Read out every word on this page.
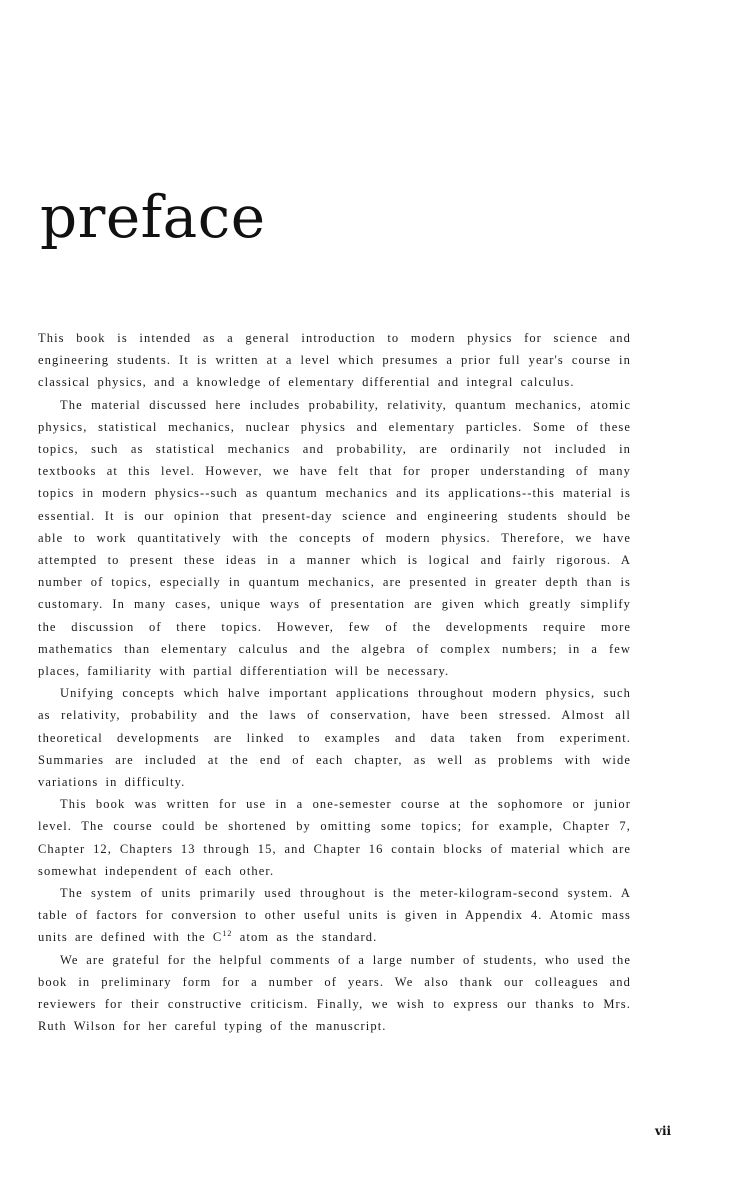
preface

This book is intended as a general introduction to modern physics for science and engineering students. It is written at a level which presumes a prior full year's course in classical physics, and a knowledge of elementary differential and integral calculus.

The material discussed here includes probability, relativity, quantum mechanics, atomic physics, statistical mechanics, nuclear physics and elementary particles. Some of these topics, such as statistical mechanics and probability, are ordinarily not included in textbooks at this level. However, we have felt that for proper understanding of many topics in modern physics--such as quantum mechanics and its applications--this material is essential. It is our opinion that present-day science and engineering students should be able to work quantitatively with the concepts of modern physics. Therefore, we have attempted to present these ideas in a manner which is logical and fairly rigorous. A number of topics, especially in quantum mechanics, are presented in greater depth than is customary. In many cases, unique ways of presentation are given which greatly simplify the discussion of there topics. However, few of the developments require more mathematics than elementary calculus and the algebra of complex numbers; in a few places, familiarity with partial differentiation will be necessary.

Unifying concepts which halve important applications throughout modern physics, such as relativity, probability and the laws of conservation, have been stressed. Almost all theoretical developments are linked to examples and data taken from experiment. Summaries are included at the end of each chapter, as well as problems with wide variations in difficulty.

This book was written for use in a one-semester course at the sophomore or junior level. The course could be shortened by omitting some topics; for example, Chapter 7, Chapter 12, Chapters 13 through 15, and Chapter 16 contain blocks of material which are somewhat independent of each other.

The system of units primarily used throughout is the meter-kilogram-second system. A table of factors for conversion to other useful units is given in Appendix 4. Atomic mass units are defined with the $C^{12}$ atom as the standard.

We are grateful for the helpful comments of a large number of students, who used the book in preliminary form for a number of years. We also thank our colleagues and reviewers for their constructive criticism. Finally, we wish to express our thanks to Mrs. Ruth Wilson for her careful typing of the manuscript.

vii
